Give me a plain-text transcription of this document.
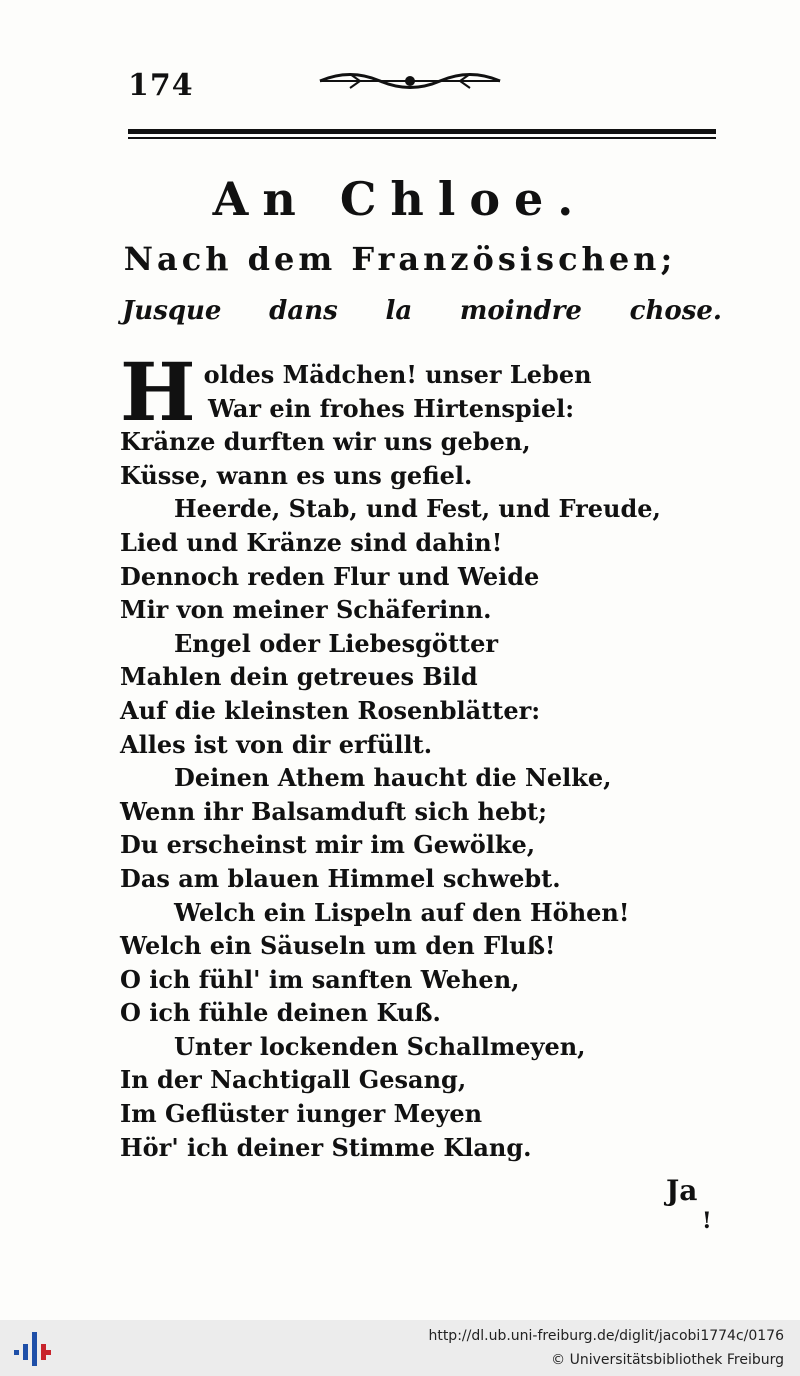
174
An Chloe.
Nach dem Französischen;
Jusque dans la moindre chose.
H oldes Mädchen! unser Leben
War ein frohes Hirtenspiel:
Kränze durften wir uns geben,
Küsse, wann es uns gefiel.
Heerde, Stab, und Fest, und Freude,
Lied und Kränze sind dahin!
Dennoch reden Flur und Weide
Mir von meiner Schäferinn.
Engel oder Liebesgötter
Mahlen dein getreues Bild
Auf die kleinsten Rosenblätter:
Alles ist von dir erfüllt.
Deinen Athem haucht die Nelke,
Wenn ihr Balsamduft sich hebt;
Du erscheinst mir im Gewölke,
Das am blauen Himmel schwebt.
Welch ein Lispeln auf den Höhen!
Welch ein Säuseln um den Fluß!
O ich fühl' im sanften Wehen,
O ich fühle deinen Kuß.
Unter lockenden Schallmeyen,
In der Nachtigall Gesang,
Im Geflüster iunger Meyen
Hör' ich deiner Stimme Klang.
Ja
!
http://dl.ub.uni-freiburg.de/diglit/jacobi1774c/0176
© Universitätsbibliothek Freiburg
